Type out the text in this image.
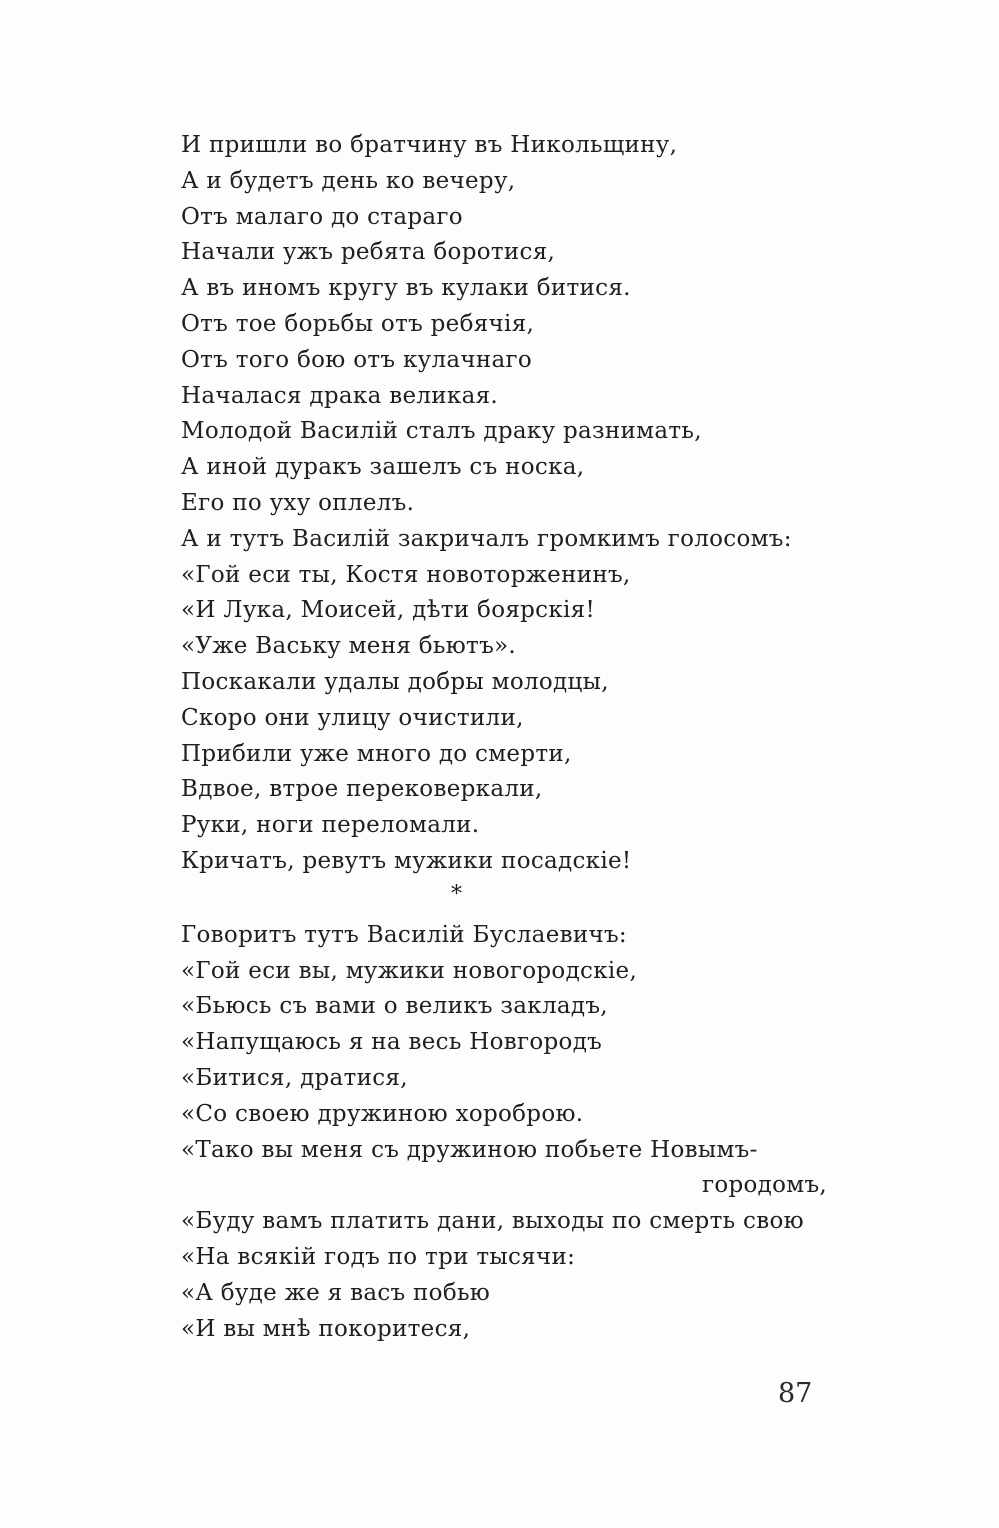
И пришли во братчину въ Никольщину,
А и будетъ день ко вечеру,
Отъ малаго до стараго
Начали ужъ ребята боротися,
А въ иномъ кругу въ кулаки битися.
Отъ тое борьбы отъ ребячія,
Отъ того бою отъ кулачнаго
Началася драка великая.
Молодой Василій сталъ драку разнимать,
А иной дуракъ зашелъ съ носка,
Его по уху оплелъ.
А и тутъ Василій закричалъ громкимъ голосомъ:
«Гой еси ты, Костя новоторженинъ,
«И Лука, Моисей, дѣти боярскія!
«Уже Ваську меня бьютъ».
Поскакали удалы добры молодцы,
Скоро они улицу очистили,
Прибили уже много до смерти,
Вдвое, втрое перековеркали,
Руки, ноги переломали.
Кричатъ, ревутъ мужики посадскіе!
*
Говоритъ тутъ Василій Буслаевичъ:
«Гой еси вы, мужики новогородскіе,
«Бьюсь съ вами о великъ закладъ,
«Напущаюсь я на весь Новгородъ
«Битися, дратися,
«Со своею дружиною хороброю.
«Тако вы меня съ дружиною побьете Новымъ-
городомъ,
«Буду вамъ платить дани, выходы по смерть свою
«На всякій годъ по три тысячи:
«А буде же я васъ побью
«И вы мнѣ покоритеся,
87
